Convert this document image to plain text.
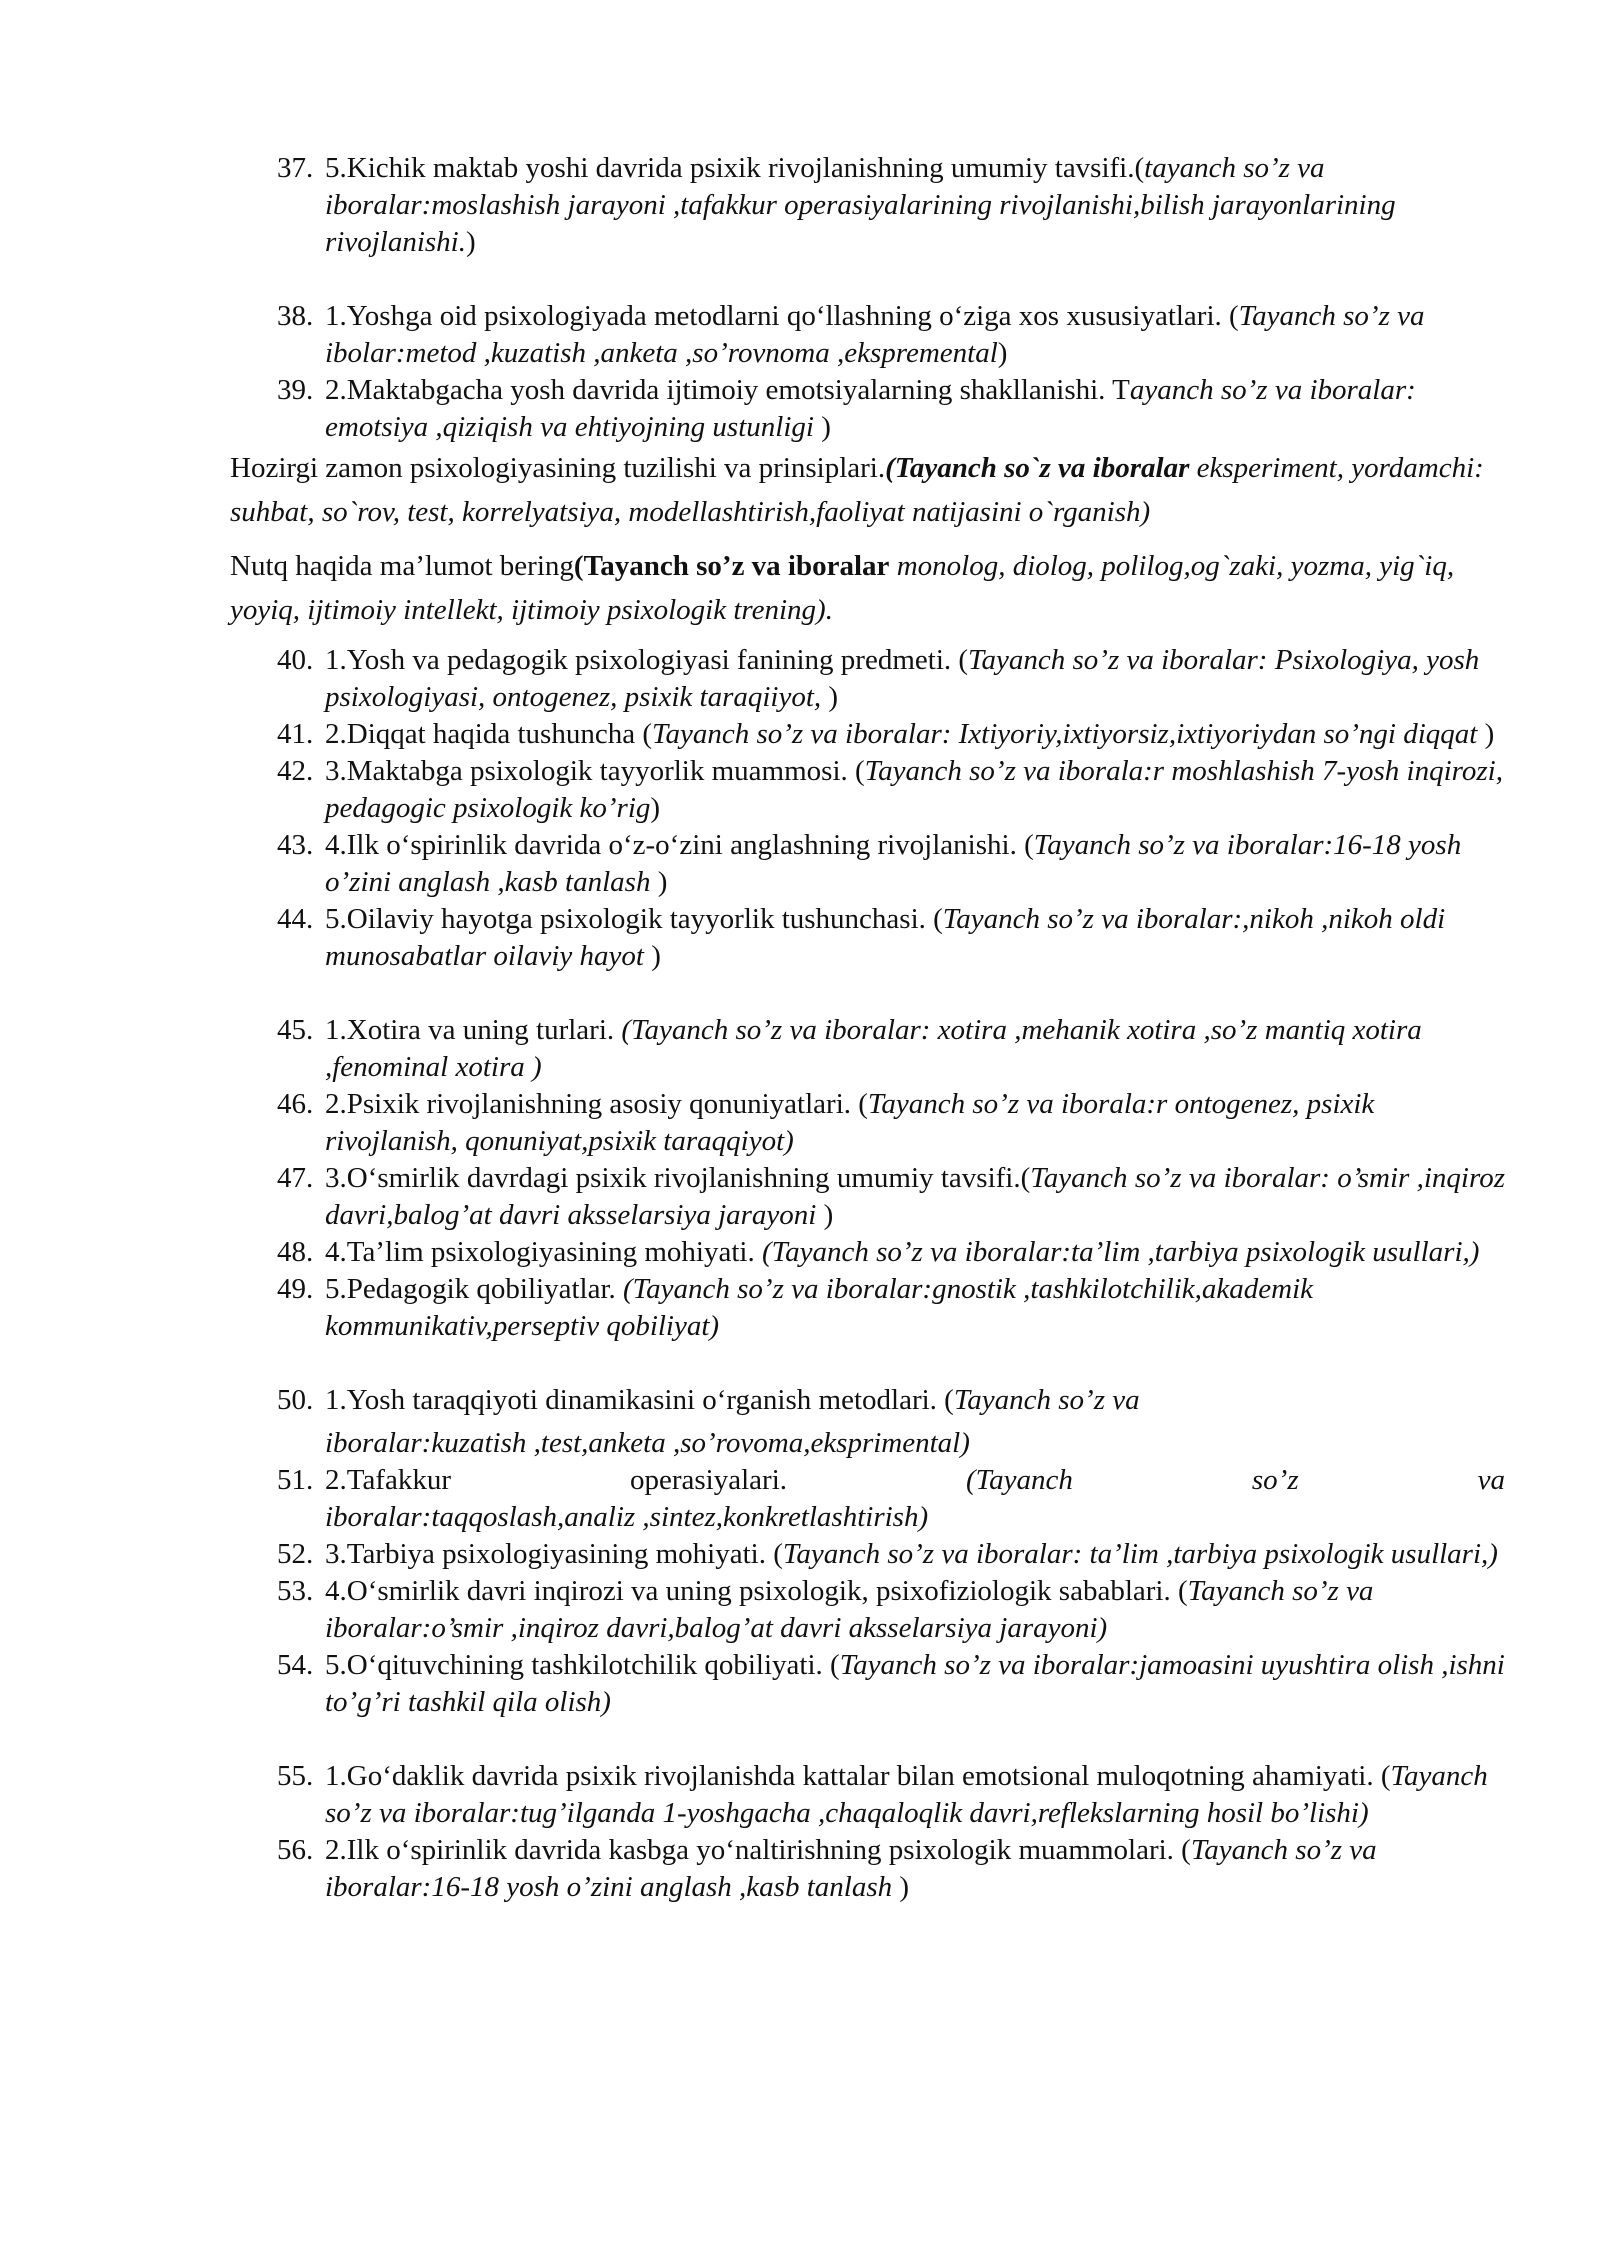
37. 5.Kichik maktab yoshi davrida psixik rivojlanishning umumiy tavsifi.(tayanch so’z va iboralar:moslashish jarayoni ,tafakkur operasiyalarining rivojlanishi,bilish jarayonlarining rivojlanishi.)
38. 1.Yoshga oid psixologiyada metodlarni qo‘llashning o‘ziga xos xususiyatlari. (Tayanch so’z va ibolar:metod ,kuzatish ,anketa ,so’rovnoma ,ekspremental)
39. 2.Maktabgacha yosh davrida ijtimoiy emotsiyalarning shakllanishi. Tayanch so’z va iboralar: emotsiya ,qiziqish va ehtiyojning ustunligi )
Hozirgi zamon psixologiyasining tuzilishi va prinsiplari.(Tayanch so`z va iboralar eksperiment, yordamchi: suhbat, so`rov, test, korrelyatsiya, modellashtirish,faoliyat natijasini o`rganish)
Nutq haqida ma’lumot bering(Tayanch so’z va iboralar monolog, diolog, polilog,og`zaki, yozma, yig`iq, yoyiq, ijtimoiy intellekt, ijtimoiy psixologik trening).
40. 1.Yosh va pedagogik psixologiyasi fanining predmeti. (Tayanch so’z va iboralar: Psixologiya, yosh psixologiyasi, ontogenez, psixik taraqiiyot, )
41. 2.Diqqat haqida tushuncha (Tayanch so’z va iboralar: Ixtiyoriy,ixtiyorsiz,ixtiyoriydan so’ngi diqqat )
42. 3.Maktabga psixologik tayyorlik muammosi. (Tayanch so’z va iborala:r moshlashish 7-yosh inqirozi, pedagogic psixologik ko’rig)
43. 4.Ilk o‘spirinlik davrida o‘z-o‘zini anglashning rivojlanishi. (Tayanch so’z va iboralar:16-18 yosh o’zini anglash ,kasb tanlash )
44. 5.Oilaviy hayotga psixologik tayyorlik tushunchasi. (Tayanch so’z va iboralar:,nikoh ,nikoh oldi munosabatlar oilaviy hayot )
45. 1.Xotira va uning turlari. (Tayanch so’z va iboralar: xotira ,mehanik xotira ,so’z mantiq xotira ,fenominal xotira )
46. 2.Psixik rivojlanishning asosiy qonuniyatlari. (Tayanch so’z va iborala:r ontogenez, psixik rivojlanish, qonuniyat,psixik taraqqiyot)
47. 3.O‘smirlik davrdagi psixik rivojlanishning umumiy tavsifi.(Tayanch so’z va iboralar: o’smir ,inqiroz davri,balog’at davri aksselarsiya jarayoni )
48. 4.Ta’lim psixologiyasining mohiyati. (Tayanch so’z va iboralar:ta’lim ,tarbiya psixologik usullari,)
49. 5.Pedagogik qobiliyatlar. (Tayanch so’z va iboralar:gnostik ,tashkilotchilik,akademik kommunikativ,perseptiv qobiliyat)
50. 1.Yosh taraqqiyoti dinamikasini o‘rganish metodlari. (Tayanch so’z va
iboralar:kuzatish ,test,anketa ,so’rovoma,eksprimental)
51. 2.Tafakkur	operasiyalari.	(Tayanch	so’z	va
iboralar:taqqoslash,analiz ,sintez,konkretlashtirish)
52. 3.Tarbiya psixologiyasining mohiyati. (Tayanch so’z va iboralar: ta’lim ,tarbiya psixologik usullari,)
53. 4.O‘smirlik davri inqirozi va uning psixologik, psixofiziologik sabablari. (Tayanch so’z va iboralar:o’smir ,inqiroz davri,balog’at davri aksselarsiya jarayoni)
54. 5.O‘qituvchining tashkilotchilik qobiliyati. (Tayanch so’z va iboralar:jamoasini uyushtira olish ,ishni to’g’ri tashkil qila olish)
55. 1.Go‘daklik davrida psixik rivojlanishda kattalar bilan emotsional muloqotning ahamiyati. (Tayanch so’z va iboralar:tug’ilganda 1-yoshgacha ,chaqaloqlik davri,reflekslarning hosil bo’lishi)
56. 2.Ilk o‘spirinlik davrida kasbga yo‘naltirishning psixologik muammolari. (Tayanch so’z va iboralar:16-18 yosh o’zini anglash ,kasb tanlash )
